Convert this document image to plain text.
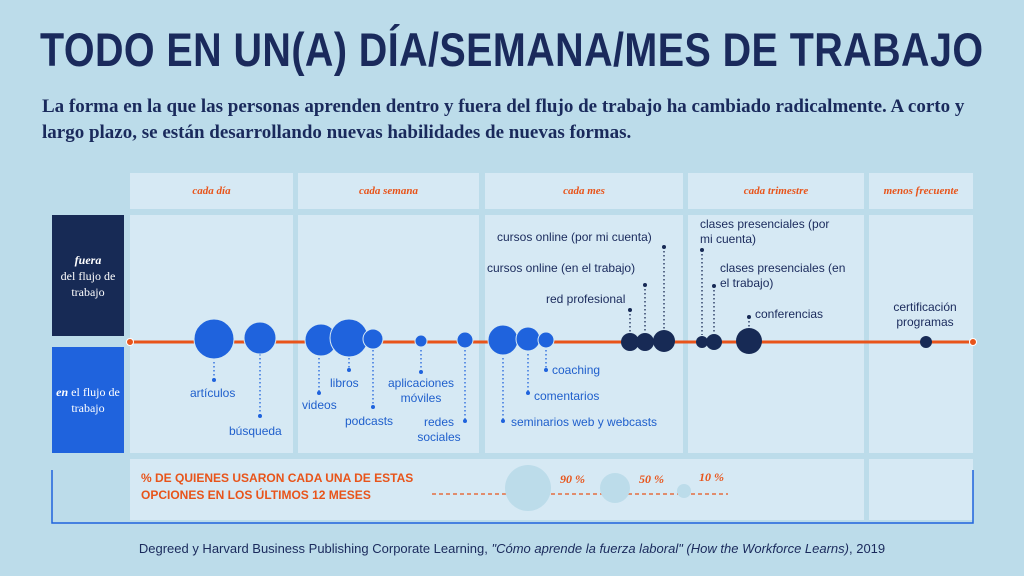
TODO EN UN(A) DÍA/SEMANA/MES DE TRABAJO
La forma en la que las personas aprenden dentro y fuera del flujo de trabajo ha cambiado radicalmente. A corto y largo plazo, se están desarrollando nuevas habilidades de nuevas formas.
cada día	cada semana	cada mes	cada trimestre	menos frecuente
fuera
del flujo de trabajo
en el flujo de trabajo
artículos
búsqueda
videos
libros
podcasts
aplicaciones móviles
redes sociales
seminarios web y webcasts
comentarios
coaching
red profesional
cursos online (en el trabajo)
cursos online (por mi cuenta)
clases presenciales (por mi cuenta)
clases presenciales (en el trabajo)
conferencias	certificación programas
% DE QUIENES USARON CADA UNA DE ESTAS OPCIONES EN LOS ÚLTIMOS 12 MESES
90 %	50 %	10 %
Degreed y Harvard Business Publishing Corporate Learning, "Cómo aprende la fuerza laboral" (How the Workforce Learns), 2019
